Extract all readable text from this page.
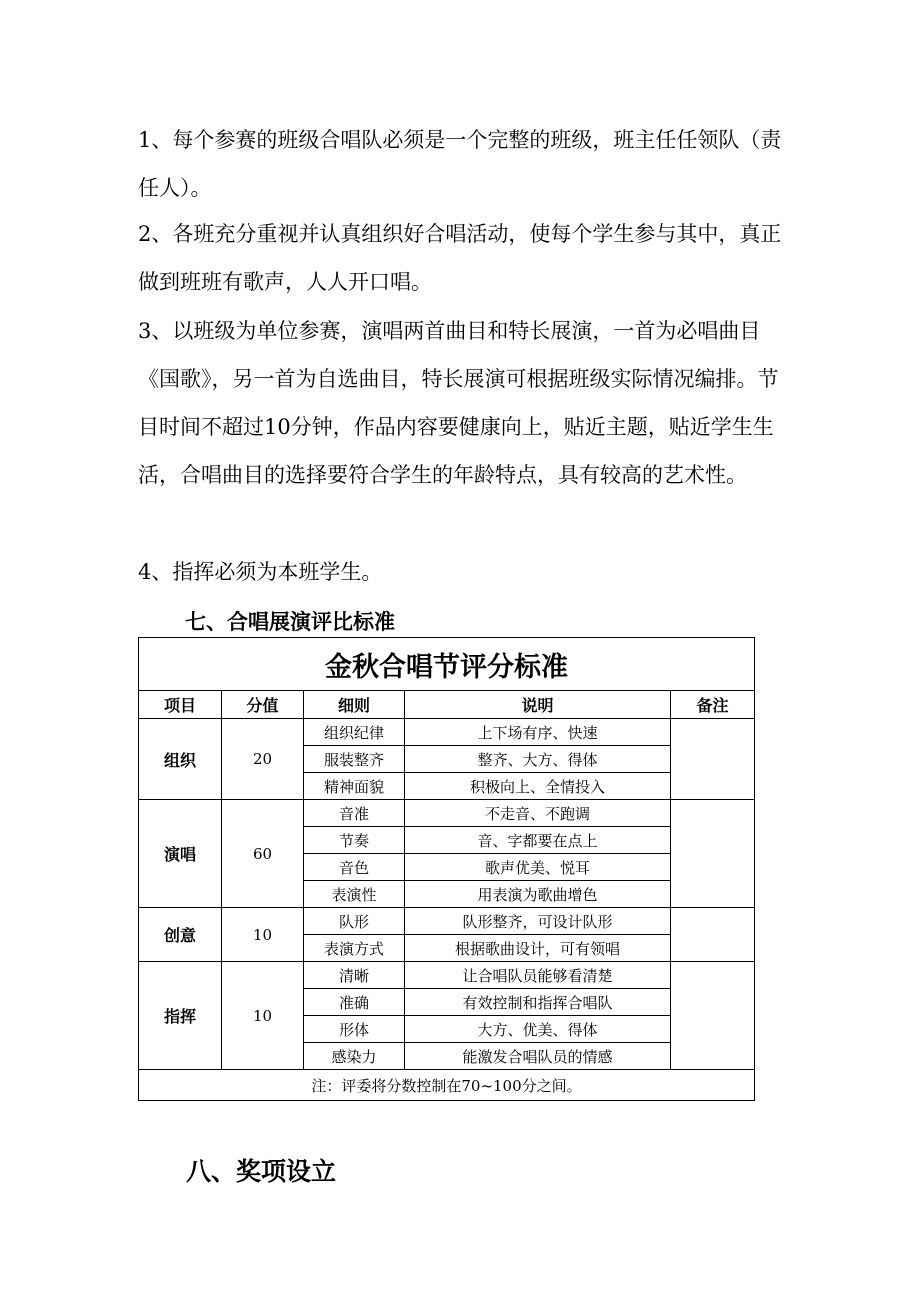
1、每个参赛的班级合唱队必须是一个完整的班级，班主任任领队（责任人）。

2、各班充分重视并认真组织好合唱活动，使每个学生参与其中，真正做到班班有歌声，人人开口唱。

3、以班级为单位参赛，演唱两首曲目和特长展演，一首为必唱曲目《国歌》，另一首为自选曲目，特长展演可根据班级实际情况编排。节目时间不超过10分钟，作品内容要健康向上，贴近主题，贴近学生生活，合唱曲目的选择要符合学生的年龄特点，具有较高的艺术性。

4、指挥必须为本班学生。

七、合唱展演评比标准
金秋合唱节评分标准				
项目	分值	细则	说明	备注
组织	20	组织纪律	上下场有序、快速	
		服装整齐	整齐、大方、得体	
		精神面貌	积极向上、全情投入	
演唱	60	音准	不走音、不跑调	
		节奏	音、字都要在点上	
		音色	歌声优美、悦耳	
		表演性	用表演为歌曲增色	
创意	10	队形	队形整齐，可设计队形	
		表演方式	根据歌曲设计，可有领唱	
指挥	10	清晰	让合唱队员能够看清楚	
		准确	有效控制和指挥合唱队	
		形体	大方、优美、得体	
		感染力	能激发合唱队员的情感	
注：评委将分数控制在70~100分之间。				
八、奖项设立
